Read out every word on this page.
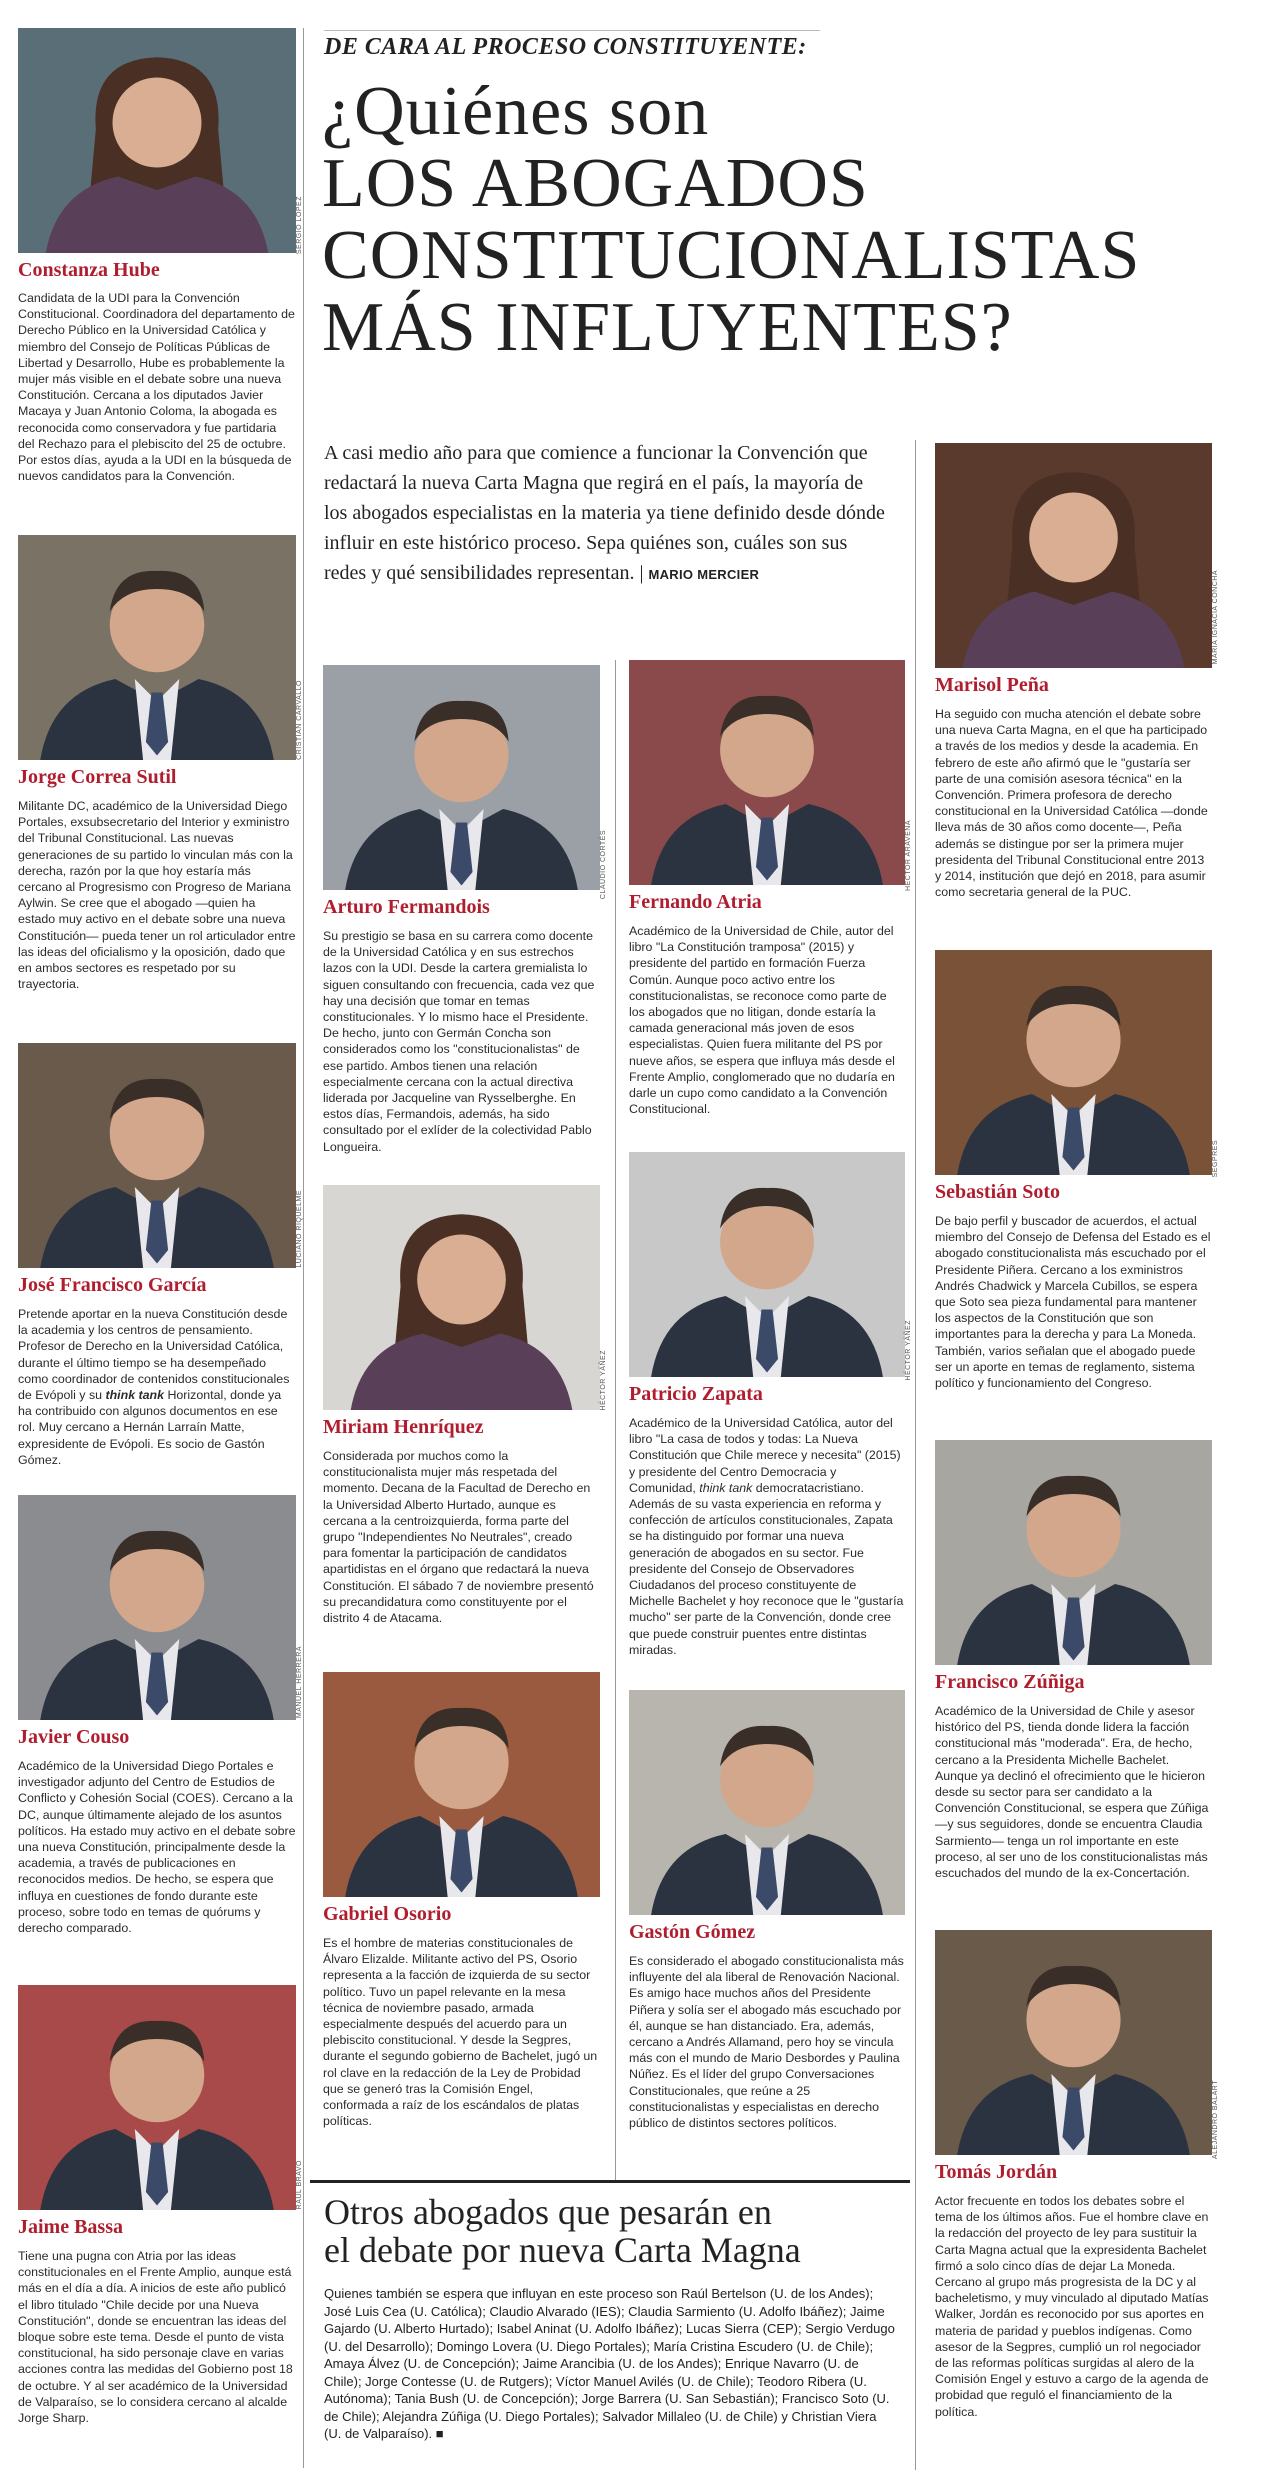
DE CARA AL PROCESO CONSTITUYENTE:
¿Quiénes son
LOS ABOGADOS
CONSTITUCIONALISTAS
MÁS INFLUYENTES?
A casi medio año para que comience a funcionar la Convención que redactará la nueva Carta Magna que regirá en el país, la mayoría de los abogados especialistas en la materia ya tiene definido desde dónde influir en este histórico proceso. Sepa quiénes son, cuáles son sus redes y qué sensibilidades representan. | MARIO MERCIER
SERGIO LÓPEZ
Constanza Hube
Candidata de la UDI para la Convención Constitucional. Coordinadora del departamento de Derecho Público en la Universidad Católica y miembro del Consejo de Políticas Públicas de Libertad y Desarrollo, Hube es probablemente la mujer más visible en el debate sobre una nueva Constitución. Cercana a los diputados Javier Macaya y Juan Antonio Coloma, la abogada es reconocida como conservadora y fue partidaria del Rechazo para el plebiscito del 25 de octubre. Por estos días, ayuda a la UDI en la búsqueda de nuevos candidatos para la Convención.
CRISTIAN CARVALLO
Jorge Correa Sutil
Militante DC, académico de la Universidad Diego Portales, exsubsecretario del Interior y exministro del Tribunal Constitucional. Las nuevas generaciones de su partido lo vinculan más con la derecha, razón por la que hoy estaría más cercano al Progresismo con Progreso de Mariana Aylwin. Se cree que el abogado —quien ha estado muy activo en el debate sobre una nueva Constitución— pueda tener un rol articulador entre las ideas del oficialismo y la oposición, dado que en ambos sectores es respetado por su trayectoria.
LUCIANO RIQUELME
José Francisco García
Pretende aportar en la nueva Constitución desde la academia y los centros de pensamiento. Profesor de Derecho en la Universidad Católica, durante el último tiempo se ha desempeñado como coordinador de contenidos constitucionales de Evópoli y su think tank Horizontal, donde ya ha contribuido con algunos documentos en ese rol. Muy cercano a Hernán Larraín Matte, expresidente de Evópoli. Es socio de Gastón Gómez.
MANUEL HERRERA
Javier Couso
Académico de la Universidad Diego Portales e investigador adjunto del Centro de Estudios de Conflicto y Cohesión Social (COES). Cercano a la DC, aunque últimamente alejado de los asuntos políticos. Ha estado muy activo en el debate sobre una nueva Constitución, principalmente desde la academia, a través de publicaciones en reconocidos medios. De hecho, se espera que influya en cuestiones de fondo durante este proceso, sobre todo en temas de quórums y derecho comparado.
RAÚL BRAVO
Jaime Bassa
Tiene una pugna con Atria por las ideas constitucionales en el Frente Amplio, aunque está más en el día a día. A inicios de este año publicó el libro titulado "Chile decide por una Nueva Constitución", donde se encuentran las ideas del bloque sobre este tema. Desde el punto de vista constitucional, ha sido personaje clave en varias acciones contra las medidas del Gobierno post 18 de octubre. Y al ser académico de la Universidad de Valparaíso, se lo considera cercano al alcalde Jorge Sharp.
CLAUDIO CORTÉS
Arturo Fermandois
Su prestigio se basa en su carrera como docente de la Universidad Católica y en sus estrechos lazos con la UDI. Desde la cartera gremialista lo siguen consultando con frecuencia, cada vez que hay una decisión que tomar en temas constitucionales. Y lo mismo hace el Presidente. De hecho, junto con Germán Concha son considerados como los "constitucionalistas" de ese partido. Ambos tienen una relación especialmente cercana con la actual directiva liderada por Jacqueline van Rysselberghe. En estos días, Fermandois, además, ha sido consultado por el exlíder de la colectividad Pablo Longueira.
HÉCTOR YÁÑEZ
Miriam Henríquez
Considerada por muchos como la constitucionalista mujer más respetada del momento. Decana de la Facultad de Derecho en la Universidad Alberto Hurtado, aunque es cercana a la centroizquierda, forma parte del grupo "Independientes No Neutrales", creado para fomentar la participación de candidatos apartidistas en el órgano que redactará la nueva Constitución. El sábado 7 de noviembre presentó su precandidatura como constituyente por el distrito 4 de Atacama.
Gabriel Osorio
Es el hombre de materias constitucionales de Álvaro Elizalde. Militante activo del PS, Osorio representa a la facción de izquierda de su sector político. Tuvo un papel relevante en la mesa técnica de noviembre pasado, armada especialmente después del acuerdo para un plebiscito constitucional. Y desde la Segpres, durante el segundo gobierno de Bachelet, jugó un rol clave en la redacción de la Ley de Probidad que se generó tras la Comisión Engel, conformada a raíz de los escándalos de platas políticas.
HÉCTOR ARAVENA
Fernando Atria
Académico de la Universidad de Chile, autor del libro "La Constitución tramposa" (2015) y presidente del partido en formación Fuerza Común. Aunque poco activo entre los constitucionalistas, se reconoce como parte de los abogados que no litigan, donde estaría la camada generacional más joven de esos especialistas. Quien fuera militante del PS por nueve años, se espera que influya más desde el Frente Amplio, conglomerado que no dudaría en darle un cupo como candidato a la Convención Constitucional.
HÉCTOR YÁÑEZ
Patricio Zapata
Académico de la Universidad Católica, autor del libro "La casa de todos y todas: La Nueva Constitución que Chile merece y necesita" (2015) y presidente del Centro Democracia y Comunidad, think tank democratacristiano. Además de su vasta experiencia en reforma y confección de artículos constitucionales, Zapata se ha distinguido por formar una nueva generación de abogados en su sector. Fue presidente del Consejo de Observadores Ciudadanos del proceso constituyente de Michelle Bachelet y hoy reconoce que le "gustaría mucho" ser parte de la Convención, donde cree que puede construir puentes entre distintas miradas.
Gastón Gómez
Es considerado el abogado constitucionalista más influyente del ala liberal de Renovación Nacional. Es amigo hace muchos años del Presidente Piñera y solía ser el abogado más escuchado por él, aunque se han distanciado. Era, además, cercano a Andrés Allamand, pero hoy se vincula más con el mundo de Mario Desbordes y Paulina Núñez. Es el líder del grupo Conversaciones Constitucionales, que reúne a 25 constitucionalistas y especialistas en derecho público de distintos sectores políticos.
MARÍA IGNACIA CONCHA
Marisol Peña
Ha seguido con mucha atención el debate sobre una nueva Carta Magna, en el que ha participado a través de los medios y desde la academia. En febrero de este año afirmó que le "gustaría ser parte de una comisión asesora técnica" en la Convención. Primera profesora de derecho constitucional en la Universidad Católica —donde lleva más de 30 años como docente—, Peña además se distingue por ser la primera mujer presidenta del Tribunal Constitucional entre 2013 y 2014, institución que dejó en 2018, para asumir como secretaria general de la PUC.
SEGPRES
Sebastián Soto
De bajo perfil y buscador de acuerdos, el actual miembro del Consejo de Defensa del Estado es el abogado constitucionalista más escuchado por el Presidente Piñera. Cercano a los exministros Andrés Chadwick y Marcela Cubillos, se espera que Soto sea pieza fundamental para mantener los aspectos de la Constitución que son importantes para la derecha y para La Moneda. También, varios señalan que el abogado puede ser un aporte en temas de reglamento, sistema político y funcionamiento del Congreso.
Francisco Zúñiga
Académico de la Universidad de Chile y asesor histórico del PS, tienda donde lidera la facción constitucional más "moderada". Era, de hecho, cercano a la Presidenta Michelle Bachelet. Aunque ya declinó el ofrecimiento que le hicieron desde su sector para ser candidato a la Convención Constitucional, se espera que Zúñiga —y sus seguidores, donde se encuentra Claudia Sarmiento— tenga un rol importante en este proceso, al ser uno de los constitucionalistas más escuchados del mundo de la ex-Concertación.
ALEJANDRO BALART
Tomás Jordán
Actor frecuente en todos los debates sobre el tema de los últimos años. Fue el hombre clave en la redacción del proyecto de ley para sustituir la Carta Magna actual que la expresidenta Bachelet firmó a solo cinco días de dejar La Moneda. Cercano al grupo más progresista de la DC y al bacheletismo, y muy vinculado al diputado Matías Walker, Jordán es reconocido por sus aportes en materia de paridad y pueblos indígenas. Como asesor de la Segpres, cumplió un rol negociador de las reformas políticas surgidas al alero de la Comisión Engel y estuvo a cargo de la agenda de probidad que reguló el financiamiento de la política.
Otros abogados que pesarán en
el debate por nueva Carta Magna
Quienes también se espera que influyan en este proceso son Raúl Bertelson (U. de los Andes); José Luis Cea (U. Católica); Claudio Alvarado (IES); Claudia Sarmiento (U. Adolfo Ibáñez); Jaime Gajardo (U. Alberto Hurtado); Isabel Aninat (U. Adolfo Ibáñez); Lucas Sierra (CEP); Sergio Verdugo (U. del Desarrollo); Domingo Lovera (U. Diego Portales); María Cristina Escudero (U. de Chile); Amaya Álvez (U. de Concepción); Jaime Arancibia (U. de los Andes); Enrique Navarro (U. de Chile); Jorge Contesse (U. de Rutgers); Víctor Manuel Avilés (U. de Chile); Teodoro Ribera (U. Autónoma); Tania Bush (U. de Concepción); Jorge Barrera (U. San Sebastián); Francisco Soto (U. de Chile); Alejandra Zúñiga (U. Diego Portales); Salvador Millaleo (U. de Chile) y Christian Viera (U. de Valparaíso). ■
